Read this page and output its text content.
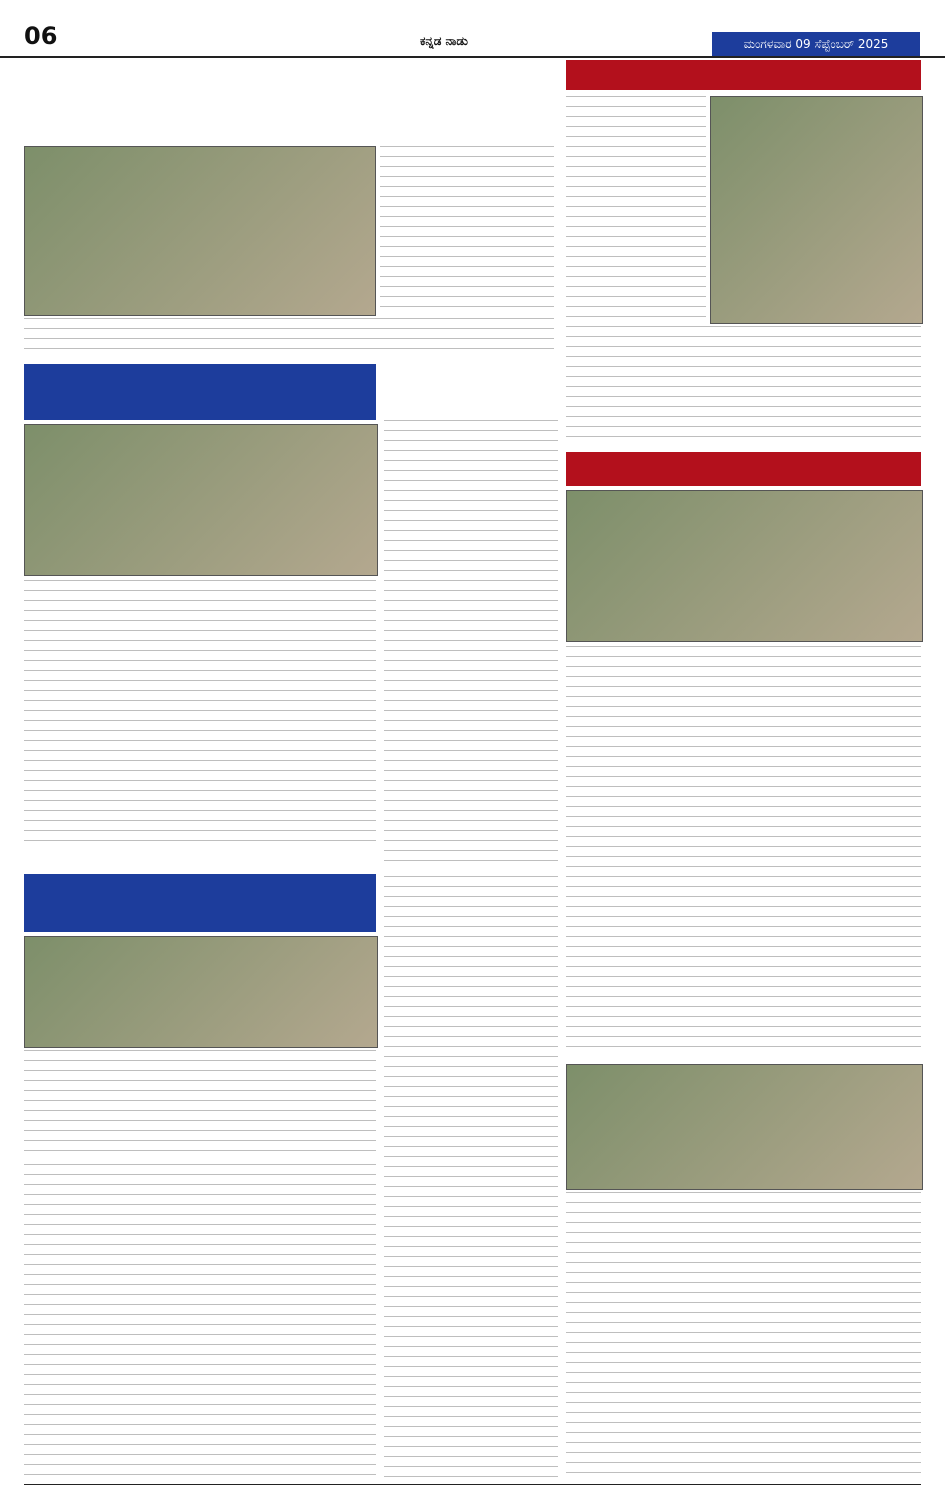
06	ಕನ್ನಡ ನಾಡು	ಮಂಗಳವಾರ 09 ಸೆಪ್ಟೆಂಬರ್ 2025
